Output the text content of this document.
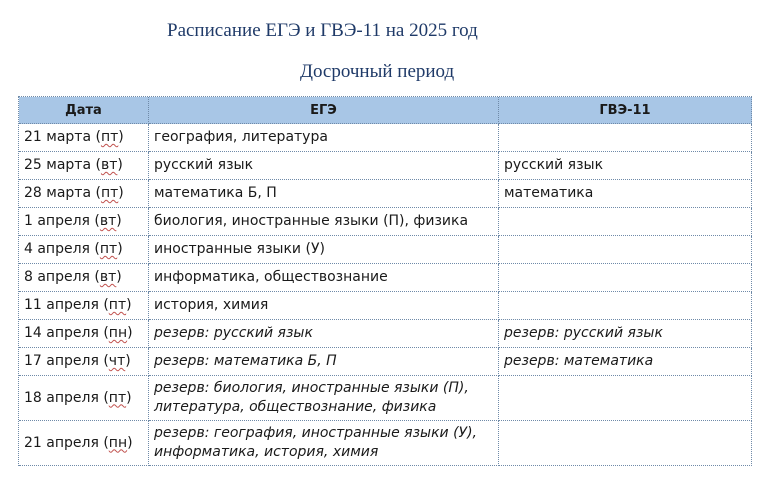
Расписание ЕГЭ и ГВЭ-11 на 2025 год
Досрочный период
Дата	ЕГЭ	ГВЭ-11
21 марта (пт)	география, литература	
25 марта (вт)	русский язык	русский язык
28 марта (пт)	математика Б, П	математика
1 апреля (вт)	биология, иностранные языки (П), физика	
4 апреля (пт)	иностранные языки (У)	
8 апреля (вт)	информатика, обществознание	
11 апреля (пт)	история, химия	
14 апреля (пн)	резерв: русский язык	резерв: русский язык
17 апреля (чт)	резерв: математика Б, П	резерв: математика
18 апреля (пт)	резерв: биология, иностранные языки (П), литература, обществознание, физика	
21 апреля (пн)	резерв: география, иностранные языки (У), информатика, история, химия	
